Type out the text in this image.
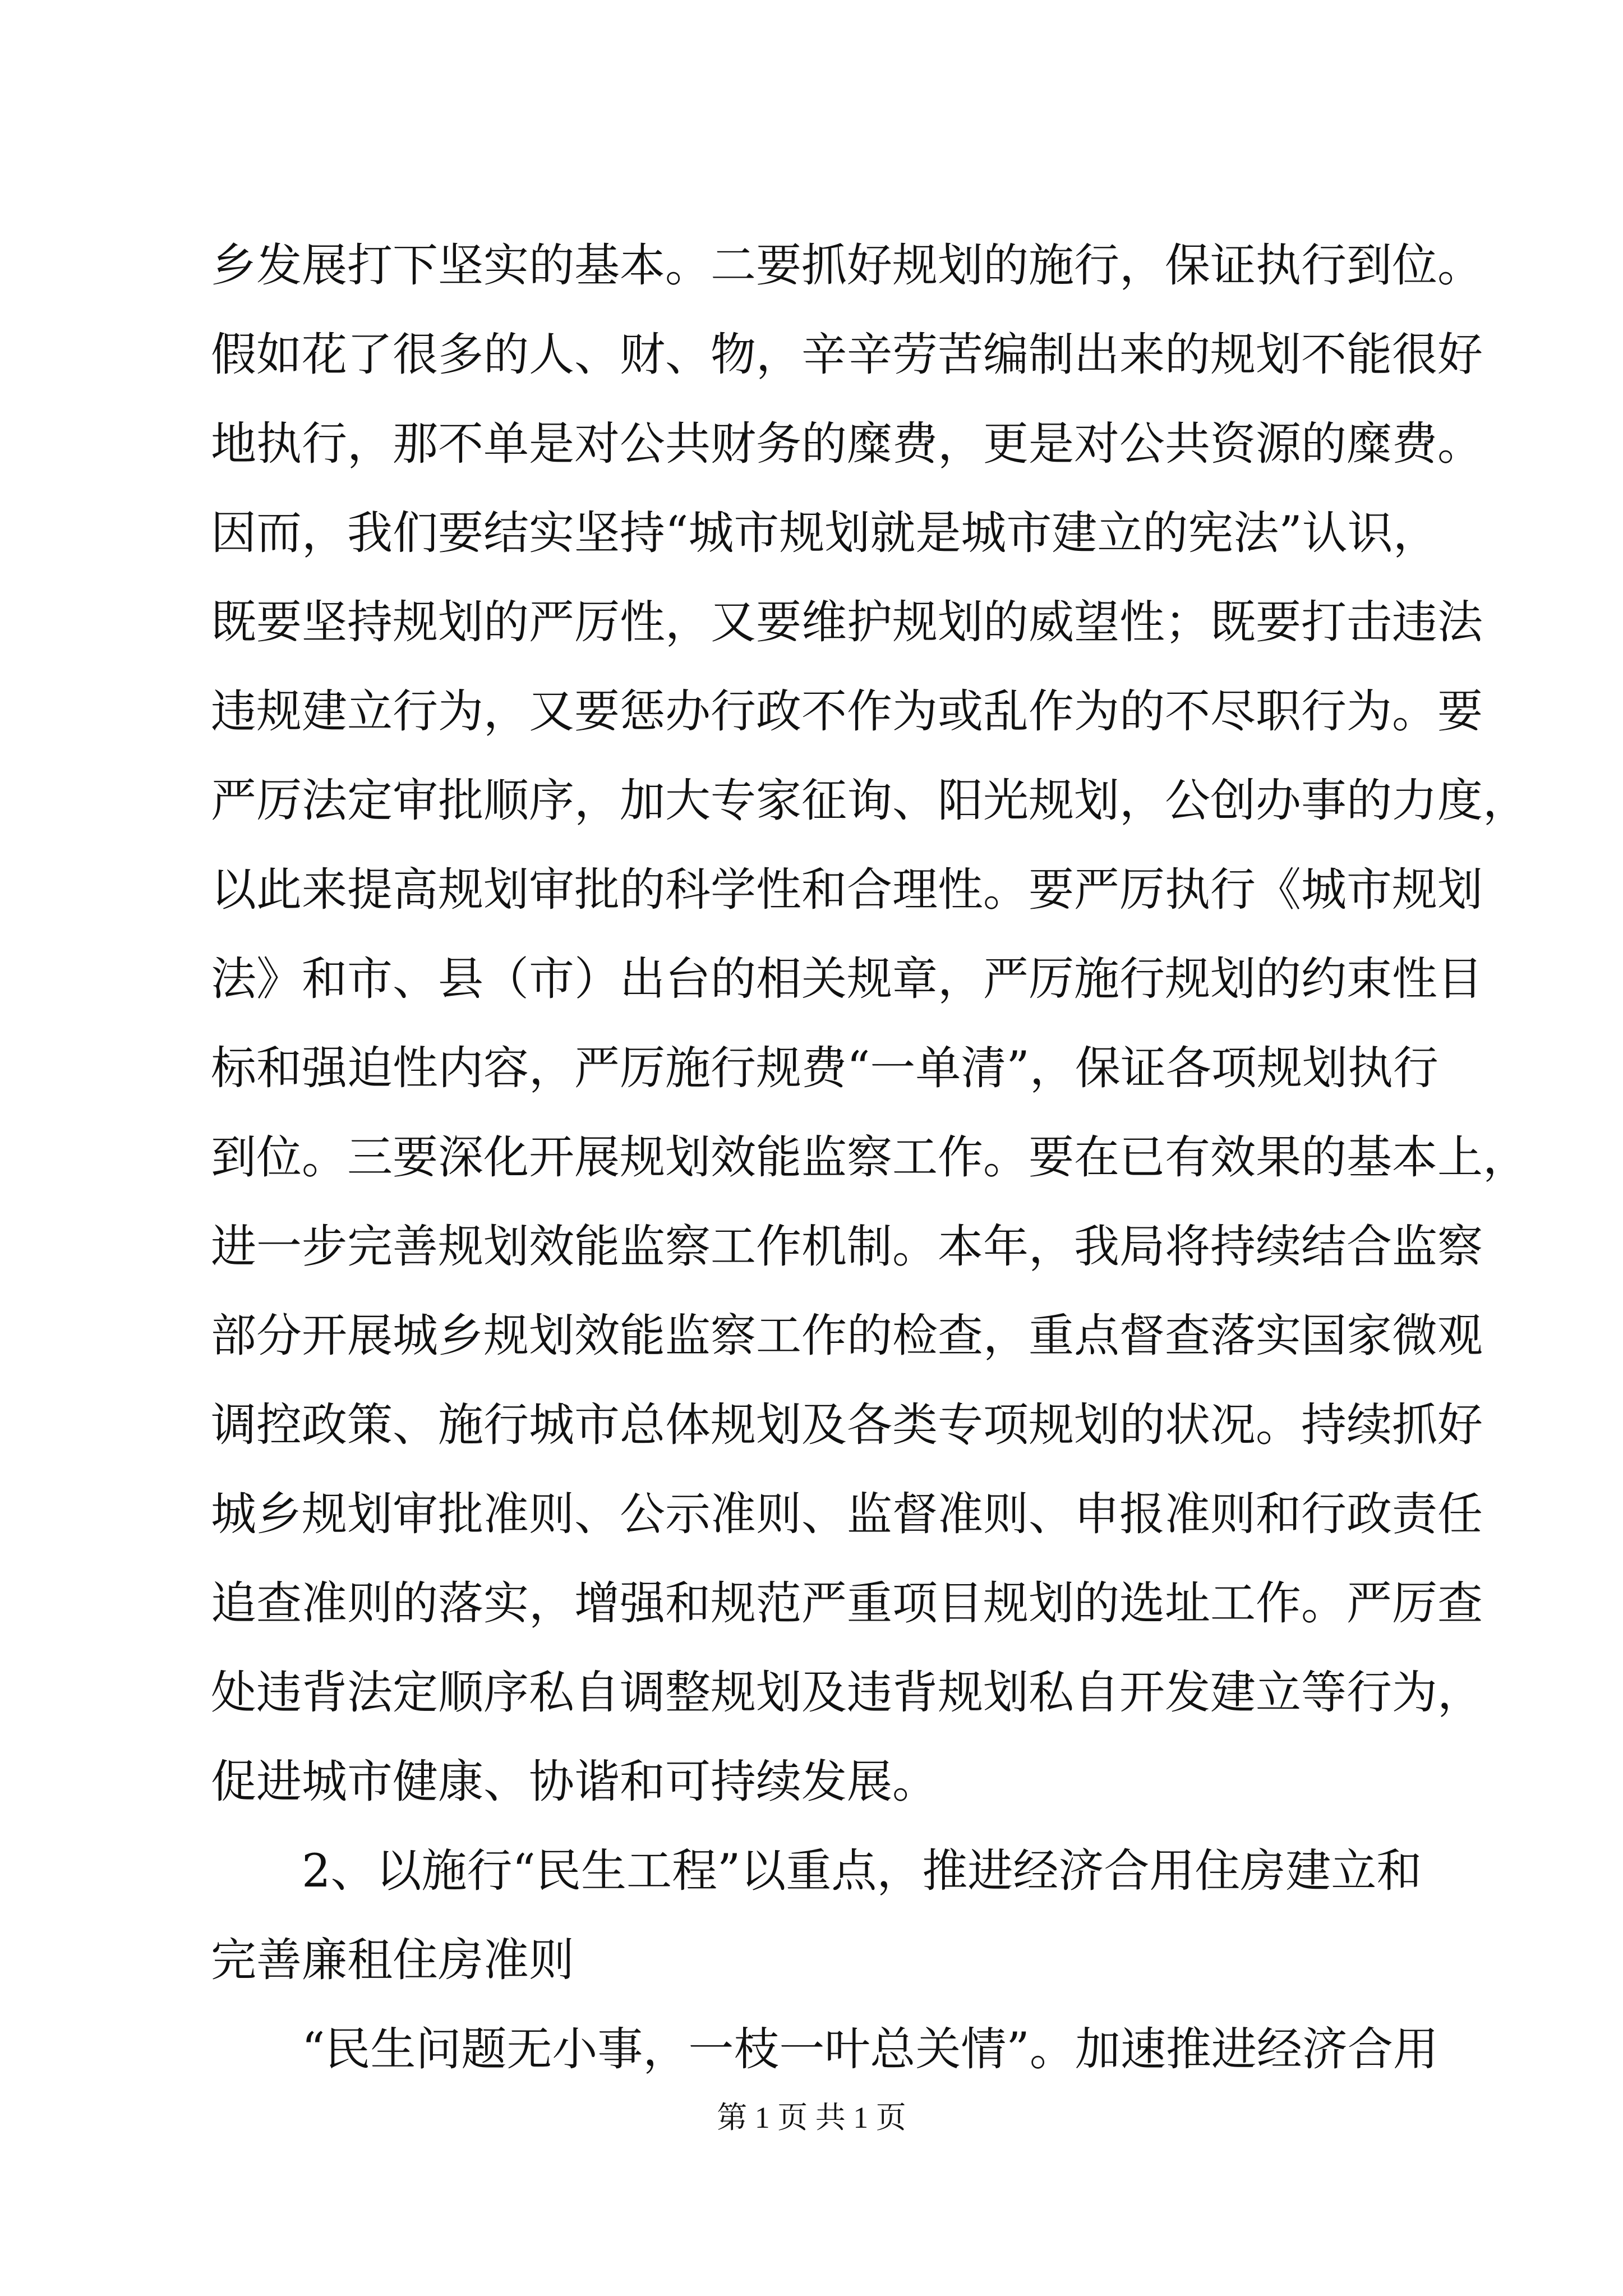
乡发展打下坚实的基本。二要抓好规划的施行，保证执行到位。
假如花了很多的人、财、物，辛辛劳苦编制出来的规划不能很好
地执行，那不单是对公共财务的糜费，更是对公共资源的糜费。
因而，我们要结实坚持“城市规划就是城市建立的宪法”认识，
既要坚持规划的严厉性，又要维护规划的威望性；既要打击违法
违规建立行为，又要惩办行政不作为或乱作为的不尽职行为。要
严厉法定审批顺序，加大专家征询、阳光规划，公创办事的力度，
以此来提高规划审批的科学性和合理性。要严厉执行《城市规划
法》和市、县（市）出台的相关规章，严厉施行规划的约束性目
标和强迫性内容，严厉施行规费“一单清”，保证各项规划执行
到位。三要深化开展规划效能监察工作。要在已有效果的基本上，
进一步完善规划效能监察工作机制。本年，我局将持续结合监察
部分开展城乡规划效能监察工作的检查，重点督查落实国家微观
调控政策、施行城市总体规划及各类专项规划的状况。持续抓好
城乡规划审批准则、公示准则、监督准则、申报准则和行政责任
追查准则的落实，增强和规范严重项目规划的选址工作。严厉查
处违背法定顺序私自调整规划及违背规划私自开发建立等行为，
促进城市健康、协谐和可持续发展。
2、以施行“民生工程”以重点，推进经济合用住房建立和
完善廉租住房准则
“民生问题无小事，一枝一叶总关情”。加速推进经济合用
第 1 页 共 1 页
